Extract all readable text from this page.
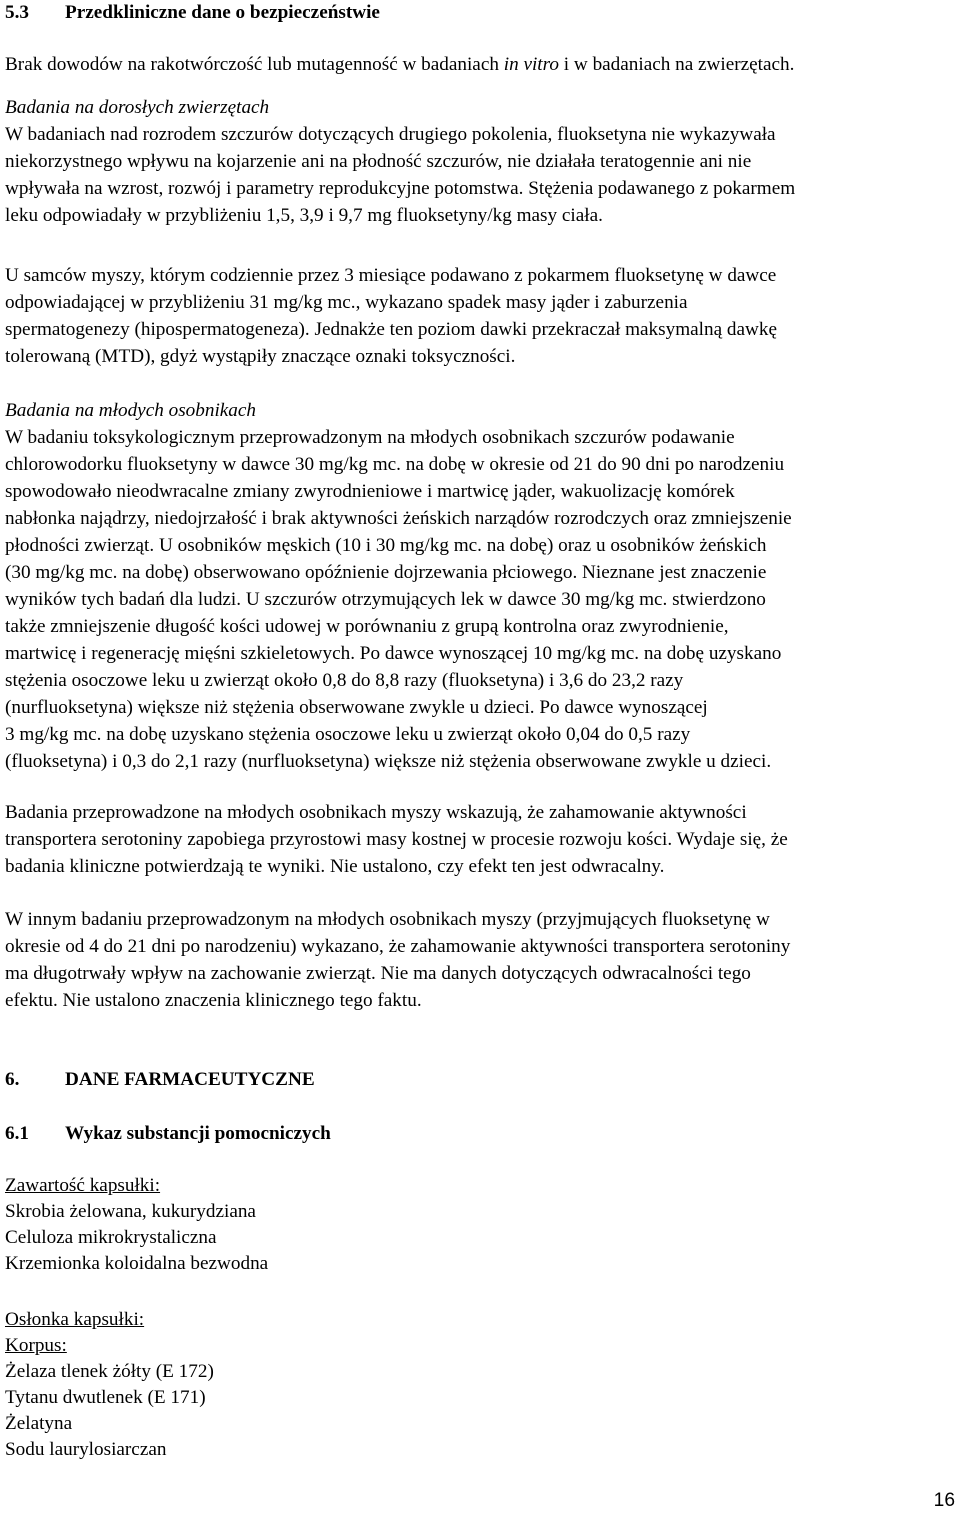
5.3 Przedkliniczne dane o bezpieczeństwie
Brak dowodów na rakotwórczość lub mutagenność w badaniach in vitro i w badaniach na zwierzętach.
Badania na dorosłych zwierzętach
W badaniach nad rozrodem szczurów dotyczących drugiego pokolenia, fluoksetyna nie wykazywała
niekorzystnego wpływu na kojarzenie ani na płodność szczurów, nie działała teratogennie ani nie
wpływała na wzrost, rozwój i parametry reprodukcyjne potomstwa. Stężenia podawanego z pokarmem
leku odpowiadały w przybliżeniu 1,5, 3,9 i 9,7 mg fluoksetyny/kg masy ciała.
U samców myszy, którym codziennie przez 3 miesiące podawano z pokarmem fluoksetynę w dawce
odpowiadającej w przybliżeniu 31 mg/kg mc., wykazano spadek masy jąder i zaburzenia
spermatogenezy (hipospermatogeneza). Jednakże ten poziom dawki przekraczał maksymalną dawkę
tolerowaną (MTD), gdyż wystąpiły znaczące oznaki toksyczności.
Badania na młodych osobnikach
W badaniu toksykologicznym przeprowadzonym na młodych osobnikach szczurów podawanie
chlorowodorku fluoksetyny w dawce 30 mg/kg mc. na dobę w okresie od 21 do 90 dni po narodzeniu
spowodowało nieodwracalne zmiany zwyrodnieniowe i martwicę jąder, wakuolizację komórek
nabłonka najądrzy, niedojrzałość i brak aktywności żeńskich narządów rozrodczych oraz zmniejszenie
płodności zwierząt. U osobników męskich (10 i 30 mg/kg mc. na dobę) oraz u osobników żeńskich
(30 mg/kg mc. na dobę) obserwowano opóźnienie dojrzewania płciowego. Nieznane jest znaczenie
wyników tych badań dla ludzi. U szczurów otrzymujących lek w dawce 30 mg/kg mc. stwierdzono
także zmniejszenie długość kości udowej w porównaniu z grupą kontrolna oraz zwyrodnienie,
martwicę i regenerację mięśni szkieletowych. Po dawce wynoszącej 10 mg/kg mc. na dobę uzyskano
stężenia osoczowe leku u zwierząt około 0,8 do 8,8 razy (fluoksetyna) i 3,6 do 23,2 razy
(nurfluoksetyna) większe niż stężenia obserwowane zwykle u dzieci. Po dawce wynoszącej
3 mg/kg mc. na dobę uzyskano stężenia osoczowe leku u zwierząt około 0,04 do 0,5 razy
(fluoksetyna) i 0,3 do 2,1 razy (nurfluoksetyna) większe niż stężenia obserwowane zwykle u dzieci.
Badania przeprowadzone na młodych osobnikach myszy wskazują, że zahamowanie aktywności
transportera serotoniny zapobiega przyrostowi masy kostnej w procesie rozwoju kości. Wydaje się, że
badania kliniczne potwierdzają te wyniki. Nie ustalono, czy efekt ten jest odwracalny.
W innym badaniu przeprowadzonym na młodych osobnikach myszy (przyjmujących fluoksetynę w
okresie od 4 do 21 dni po narodzeniu) wykazano, że zahamowanie aktywności transportera serotoniny
ma długotrwały wpływ na zachowanie zwierząt. Nie ma danych dotyczących odwracalności tego
efektu. Nie ustalono znaczenia klinicznego tego faktu.
6. DANE FARMACEUTYCZNE
6.1 Wykaz substancji pomocniczych
Zawartość kapsułki:
Skrobia żelowana, kukurydziana
Celuloza mikrokrystaliczna
Krzemionka koloidalna bezwodna
Osłonka kapsułki:
Korpus:
Żelaza tlenek żółty (E 172)
Tytanu dwutlenek (E 171)
Żelatyna
Sodu laurylosiarczan
16
